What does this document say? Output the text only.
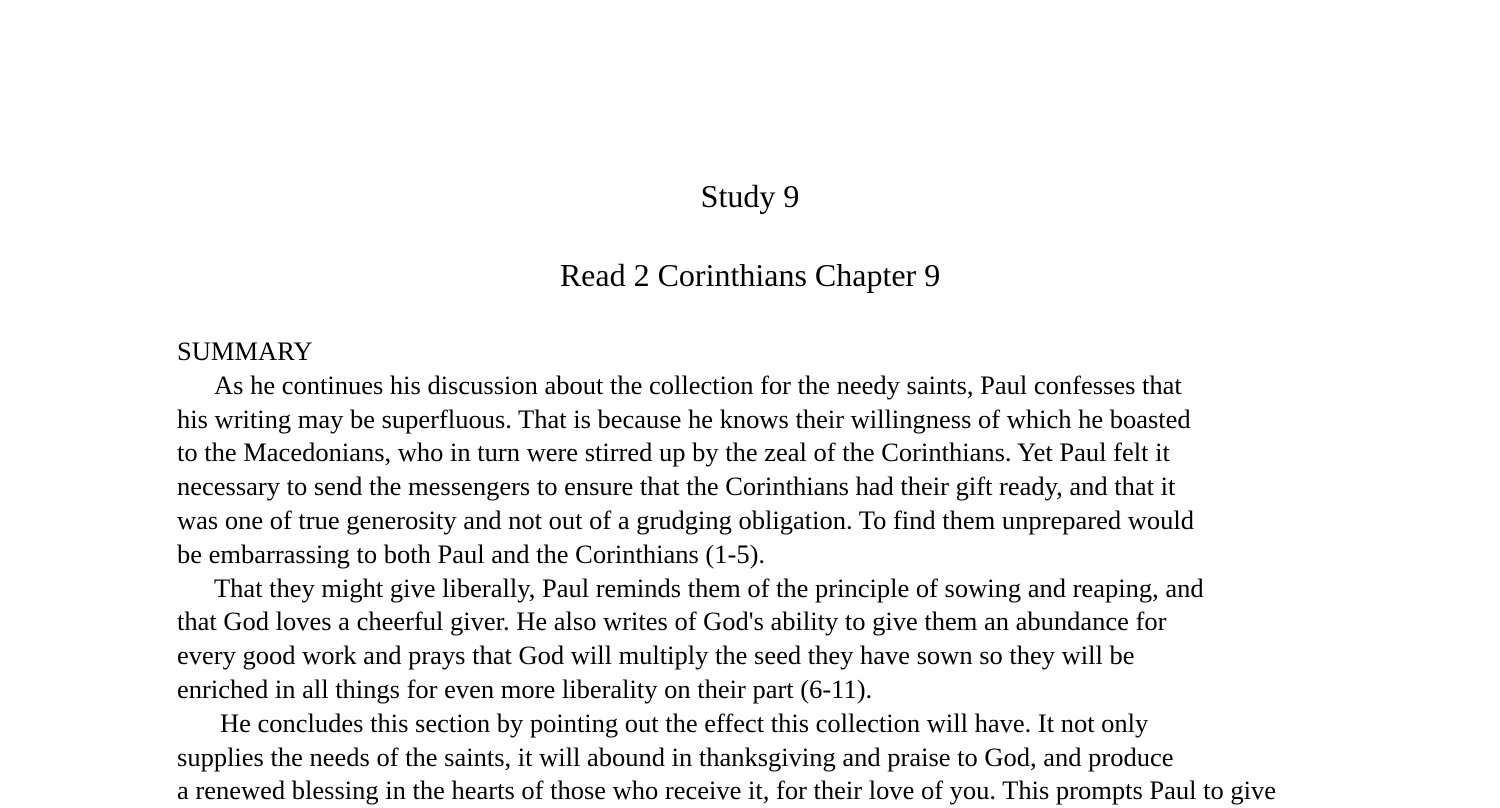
Study 9
Read 2 Corinthians Chapter 9
SUMMARY
As he continues his discussion about the collection for the needy saints, Paul confesses that
his writing may be superfluous. That is because he knows their willingness of which he boasted
to the Macedonians, who in turn were stirred up by the zeal of the Corinthians. Yet Paul felt it
necessary to send the messengers to ensure that the Corinthians had their gift ready, and that it
was one of true generosity and not out of a grudging obligation. To find them unprepared would
be embarrassing to both Paul and the Corinthians (1-5).
That they might give liberally, Paul reminds them of the principle of sowing and reaping, and
that God loves a cheerful giver. He also writes of God's ability to give them an abundance for
every good work and prays that God will multiply the seed they have sown so they will be
enriched in all things for even more liberality on their part (6-11).
He concludes this section by pointing out the effect this collection will have. It not only
supplies the needs of the saints, it will abound in thanksgiving and praise to God, and produce
a renewed blessing in the hearts of those who receive it, for their love of you. This prompts Paul to give
